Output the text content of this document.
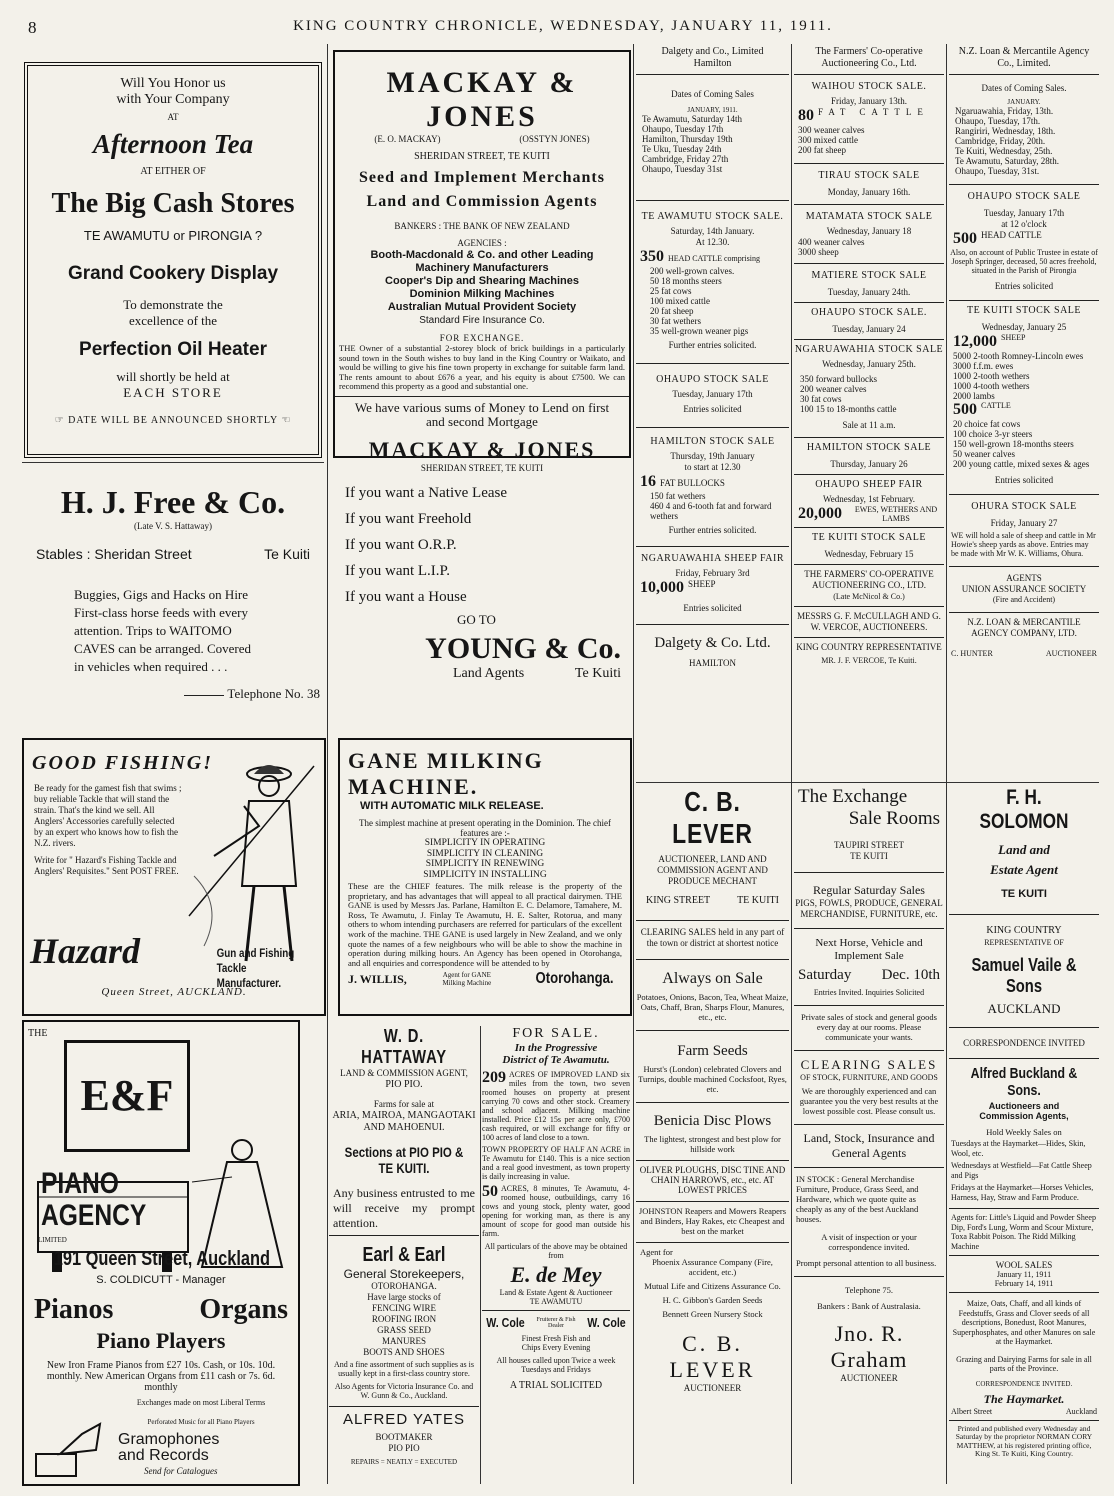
8	KING COUNTRY CHRONICLE, WEDNESDAY, JANUARY 11, 1911.
Will You Honor us
with Your Company
AT
Afternoon Tea
AT EITHER OF
The Big Cash Stores
TE AWAMUTU or PIRONGIA ?
Grand Cookery Display
To demonstrate the
excellence of the
Perfection Oil Heater
will shortly be held at
EACH STORE
☞ DATE WILL BE ANNOUNCED SHORTLY ☜
MACKAY & JONES
(E. O. MACKAY)	(OSSTYN JONES)
SHERIDAN STREET, TE KUITI
Seed and Implement Merchants
Land and Commission Agents
BANKERS : THE BANK OF NEW ZEALAND
AGENCIES :
Booth-Macdonald & Co. and other Leading
Machinery Manufacturers
Cooper's Dip and Shearing Machines
Dominion Milking Machines
Australian Mutual Provident Society
Standard Fire Insurance Co.
FOR EXCHANGE.
THE Owner of a substantial 2-storey block of brick buildings in a particularly sound town in the South wishes to buy land in the King Country or Waikato, and would be willing to give his fine town property in exchange for suitable farm land. The rents amount to about £676 a year, and his equity is about £7500. We can recommend this property as a good and substantial one.
We have various sums of Money to Lend on first and second Mortgage
MACKAY & JONES
SHERIDAN STREET, TE KUITI
H. J. Free & Co.
(Late V. S. Hattaway)
Stables : Sheridan Street	Te Kuiti
Buggies, Gigs and Hacks on Hire
First-class horse feeds with every
attention. Trips to WAITOMO
CAVES can be arranged. Covered
in vehicles when required . . .
Telephone No. 38
If you want a Native Lease
If you want Freehold
If you want O.R.P.
If you want L.I.P.
If you want a House
GO TO
YOUNG & Co.
Land Agents	Te Kuiti
GOOD FISHING!
Be ready for the gamest fish that swims ; buy reliable Tackle that will stand the strain. That's the kind we sell. All Anglers' Accessories carefully selected by an expert who knows how to fish the N.Z. rivers.
Write for " Hazard's Fishing Tackle and Anglers' Requisites." Sent POST FREE.
Hazard	Gun and Fishing
Tackle Manufacturer.
Queen Street, AUCKLAND.
GANE MILKING MACHINE.
WITH AUTOMATIC MILK RELEASE.
The simplest machine at present operating in the Dominion. The chief features are :-
SIMPLICITY IN OPERATING
SIMPLICITY IN CLEANING
SIMPLICITY IN RENEWING
SIMPLICITY IN INSTALLING
These are the CHIEF features. The milk release is the property of the proprietary, and has advantages that will appeal to all practical dairymen. THE GANE is used by Messrs Jas. Parlane, Hamilton E. C. Delamore, Tamahere, M. Ross, Te Awamutu, J. Finlay Te Awamutu, H. E. Salter, Rotorua, and many others to whom intending purchasers are referred for particulars of the excellent work of the machine. THE GANE is used largely in New Zealand, and we only quote the names of a few neighbours who will be able to show the machine in operation during milking hours. An Agency has been opened in Otorohanga, and all enquiries and correspondence will be attended to by
J. WILLIS,	Agent for GANE Milking Machine	Otorohanga.
THE
E&F
PIANO
AGENCY
LIMITED
191 Queen Street, Auckland
S. COLDICUTT - Manager
Pianos	Organs
Piano Players
New Iron Frame Pianos from £27 10s. Cash, or 10s. 10d. monthly. New American Organs from £11 cash or 7s. 6d. monthly
Exchanges made on most Liberal Terms
Perforated Music for all Piano Players
Gramophones
and Records
Send for Catalogues
W. D. HATTAWAY
LAND & COMMISSION AGENT,
PIO PIO.
Farms for sale at
ARIA, MAIROA, MANGAOTAKI AND MAHOENUI.
Sections at PIO PIO &
TE KUITI.
Any business entrusted to me will receive my prompt attention.
Earl & Earl
General Storekeepers,
OTOROHANGA.
Have large stocks of
FENCING WIRE
ROOFING IRON
GRASS SEED
MANURES
BOOTS AND SHOES
And a fine assortment of such supplies as is usually kept in a first-class country store.
Also Agents for Victoria Insurance Co. and W. Gunn & Co., Auckland.
ALFRED YATES
BOOTMAKER
PIO PIO
REPAIRS = NEATLY = EXECUTED
FOR SALE.
In the Progressive
District of Te Awamutu.
209 ACRES OF IMPROVED LAND six miles from the town, two seven roomed houses on property at present carrying 70 cows and other stock. Creamery and school adjacent. Milking machine installed. Price £12 15s per acre only, £700 cash required, or will exchange for fifty or 100 acres of land close to a town.
TOWN PROPERTY OF HALF AN ACRE in Te Awamutu for £140. This is a nice section and a real good investment, as town property is daily increasing in value.
50 ACRES, 8 minutes, Te Awamutu, 4-roomed house, outbuildings, carry 16 cows and young stock, plenty water, good opening for working man, as there is any amount of scope for good man outside his farm.
All particulars of the above may be obtained from
E. de Mey
Land & Estate Agent & Auctioneer
TE AWAMUTU
W. Cole Fruiterer & Fish Dealer	W. Cole
Finest Fresh Fish and
Chips Every Evening
All houses called upon Twice a week Tuesdays and Fridays
A TRIAL SOLICITED
Dalgety and Co., Limited
Hamilton
Dates of Coming Sales
JANUARY, 1911.
Te Awamutu, Saturday 14th
Ohaupo, Tuesday 17th
Hamilton, Thursday 19th
Te Uku, Tuesday 24th
Cambridge, Friday 27th
Ohaupo, Tuesday 31st
TE AWAMUTU STOCK SALE.
Saturday, 14th January.
At 12.30.
350 HEAD CATTLE comprising
200 well-grown calves.
50 18 months steers
25 fat cows
100 mixed cattle
20 fat sheep
30 fat wethers
35 well-grown weaner pigs
Further entries solicited.
OHAUPO STOCK SALE
Tuesday, January 17th
Entries solicited
HAMILTON STOCK SALE
Thursday, 19th January
to start at 12.30
16 FAT BULLOCKS
150 fat wethers
460 4 and 6-tooth fat and forward wethers
Further entries solicited.
NGARUAWAHIA SHEEP FAIR
Friday, February 3rd
10,000 $^{SHEEP}$
Entries solicited
Dalgety & Co. Ltd.
HAMILTON
The Farmers' Co-operative
Auctioneering Co., Ltd.
WAIHOU STOCK SALE.
Friday, January 13th.
80 $^{FAT CATTLE}$
300 weaner calves
300 mixed cattle
200 fat sheep
TIRAU STOCK SALE
Monday, January 16th.
MATAMATA STOCK SALE
Wednesday, January 18
400 weaner calves
3000 sheep
MATIERE STOCK SALE
Tuesday, January 24th.
OHAUPO STOCK SALE.
Tuesday, January 24
NGARUAWAHIA STOCK SALE
Wednesday, January 25th.
350 forward bullocks
200 weaner calves
30 fat cows
100 15 to 18-months cattle
Sale at 11 a.m.
HAMILTON STOCK SALE
Thursday, January 26
OHAUPO SHEEP FAIR
Wednesday, 1st February.
20,000	EWES, WETHERS AND LAMBS
TE KUITI STOCK SALE
Wednesday, February 15
THE FARMERS' CO-OPERATIVE AUCTIONEERING CO., LTD.
(Late McNicol & Co.)
MESSRS G. F. McCULLAGH AND G. W. VERCOE, AUCTIONEERS.
KING COUNTRY REPRESENTATIVE
MR. J. F. VERCOE, Te Kuiti.
N.Z. Loan & Mercantile Agency
Co., Limited.
Dates of Coming Sales.
JANUARY.
Ngaruawahia, Friday, 13th.
Ohaupo, Tuesday, 17th.
Rangiriri, Wednesday, 18th.
Cambridge, Friday, 20th.
Te Kuiti, Wednesday, 25th.
Te Awamutu, Saturday, 28th.
Ohaupo, Tuesday, 31st.
OHAUPO STOCK SALE
Tuesday, January 17th
at 12 o'clock
500 $^{HEAD CATTLE}$
Also, on account of Public Trustee in estate of Joseph Springer, deceased, 50 acres freehold, situated in the Parish of Pirongia
Entries solicited
TE KUITI STOCK SALE
Wednesday, January 25
12,000 $^{SHEEP}$
5000 2-tooth Romney-Lincoln ewes
3000 f.f.m. ewes
1000 2-tooth wethers
1000 4-tooth wethers
2000 lambs
500 $^{CATTLE}$
20 choice fat cows
100 choice 3-yr steers
150 well-grown 18-months steers
50 weaner calves
200 young cattle, mixed sexes & ages
Entries solicited
OHURA STOCK SALE
Friday, January 27
WE will hold a sale of sheep and cattle in Mr Howie's sheep yards as above. Entries may be made with Mr W. K. Williams, Ohura.
AGENTS
UNION ASSURANCE SOCIETY
(Fire and Accident)
N.Z. LOAN & MERCANTILE AGENCY COMPANY, LTD.
C. HUNTER	AUCTIONEER
C. B. LEVER
AUCTIONEER, LAND AND COMMISSION AGENT AND PRODUCE MECHANT
KING STREET	TE KUITI
CLEARING SALES held in any part of the town or district at shortest notice
Always on Sale
Potatoes, Onions, Bacon, Tea, Wheat Maize, Oats, Chaff, Bran, Sharps Flour, Manures, etc., etc.
Farm Seeds
Hurst's (London) celebrated Clovers and Turnips, double machined Cocksfoot, Ryes, etc.
Benicia Disc Plows
The lightest, strongest and best plow for hillside work
OLIVER PLOUGHS, DISC TINE AND CHAIN HARROWS, etc., etc. AT LOWEST PRICES
JOHNSTON Reapers and Mowers Reapers and Binders, Hay Rakes, etc Cheapest and best on the market
Agent for
Phoenix Assurance Company (Fire, accident, etc.)
Mutual Life and Citizens Assurance Co.
H. C. Gibbon's Garden Seeds
Bennett Green Nursery Stock
C. B. LEVER
AUCTIONEER
The Exchange
Sale Rooms
TAUPIRI STREET
TE KUITI
Regular Saturday Sales
PIGS, FOWLS, PRODUCE, GENERAL MERCHANDISE, FURNITURE, etc.
Next Horse, Vehicle and Implement Sale
Saturday Dec. 10th
Entries Invited. Inquiries Solicited
Private sales of stock and general goods every day at our rooms. Please communicate your wants.
CLEARING SALES
OF STOCK, FURNITURE, AND GOODS
We are thoroughly experienced and can guarantee you the very best results at the lowest possible cost. Please consult us.
Land, Stock, Insurance and General Agents
IN STOCK : General Merchandise Furniture, Produce, Grass Seed, and Hardware, which we quote quite as cheaply as any of the best Auckland houses.
A visit of inspection or your correspondence invited.
Prompt personal attention to all business.
Telephone 75.
Bankers : Bank of Australasia.
Jno. R. Graham
AUCTIONEER
F. H. SOLOMON
Land and
Estate Agent
TE KUITI
KING COUNTRY
REPRESENTATIVE OF
Samuel Vaile & Sons
AUCKLAND
CORRESPONDENCE INVITED
Alfred Buckland & Sons.
Auctioneers and
Commission Agents,
Hold Weekly Sales on
Tuesdays at the Haymarket—Hides, Skin, Wool, etc.
Wednesdays at Westfield—Fat Cattle Sheep and Pigs
Fridays at the Haymarket—Horses Vehicles, Harness, Hay, Straw and Farm Produce.
Agents for: Little's Liquid and Powder Sheep Dip, Ford's Lung, Worm and Scour Mixture, Toxa Rabbit Poison. The Ridd Milking Machine
WOOL SALES
January 11, 1911
February 14, 1911
Maize, Oats, Chaff, and all kinds of Feedstuffs, Grass and Clover seeds of all descriptions, Bonedust, Root Manures, Superphosphates, and other Manures on sale at the Haymarket.
Grazing and Dairying Farms for sale in all parts of the Province.
CORRESPONDENCE INVITED.
The Haymarket.
Albert Street	Auckland
Printed and published every Wednesday and Saturday by the proprietor NORMAN CORY MATTHEW, at his registered printing office, King St. Te Kuiti, King Country.
